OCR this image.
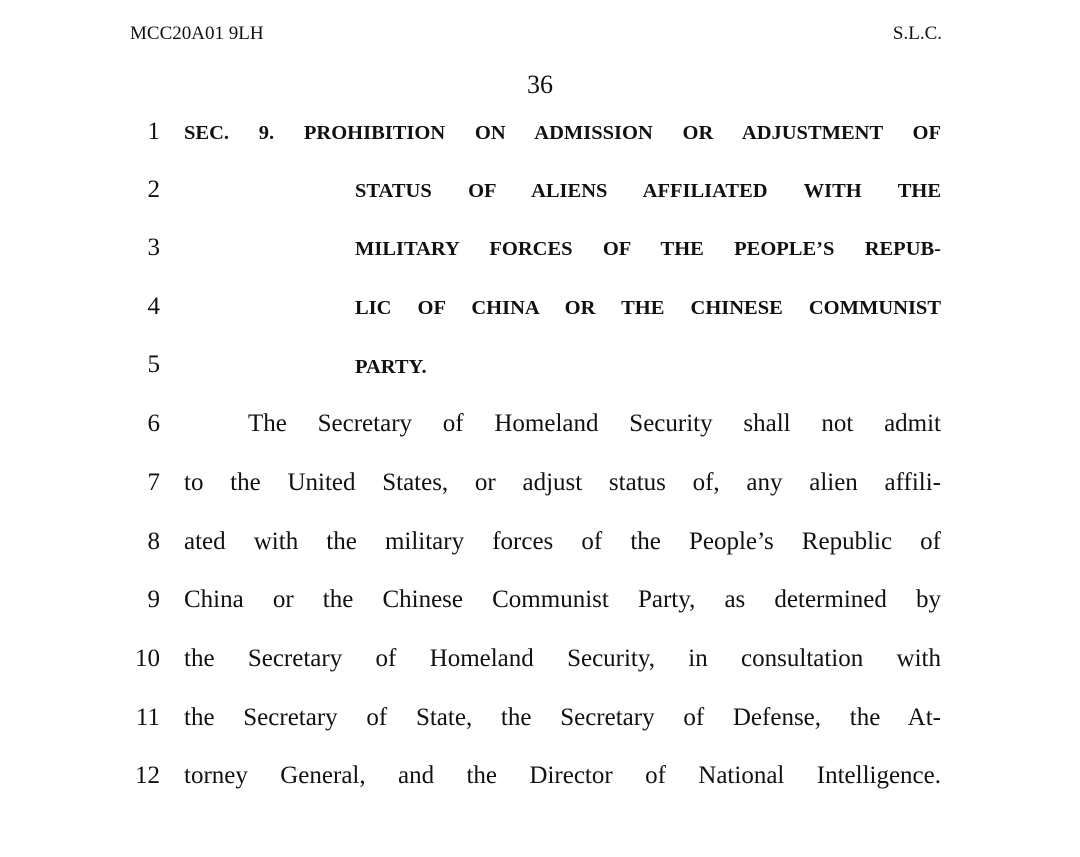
MCC20A01 9LH	S.L.C.
36
1 SEC. 9. PROHIBITION ON ADMISSION OR ADJUSTMENT OF
2	STATUS OF ALIENS AFFILIATED WITH THE
3	MILITARY FORCES OF THE PEOPLE’S REPUB-
4	LIC OF CHINA OR THE CHINESE COMMUNIST
5	PARTY.
6	The Secretary of Homeland Security shall not admit
7 to the United States, or adjust status of, any alien affili-
8 ated with the military forces of the People’s Republic of
9 China or the Chinese Communist Party, as determined by
10 the Secretary of Homeland Security, in consultation with
11 the Secretary of State, the Secretary of Defense, the At-
12 torney General, and the Director of National Intelligence.
